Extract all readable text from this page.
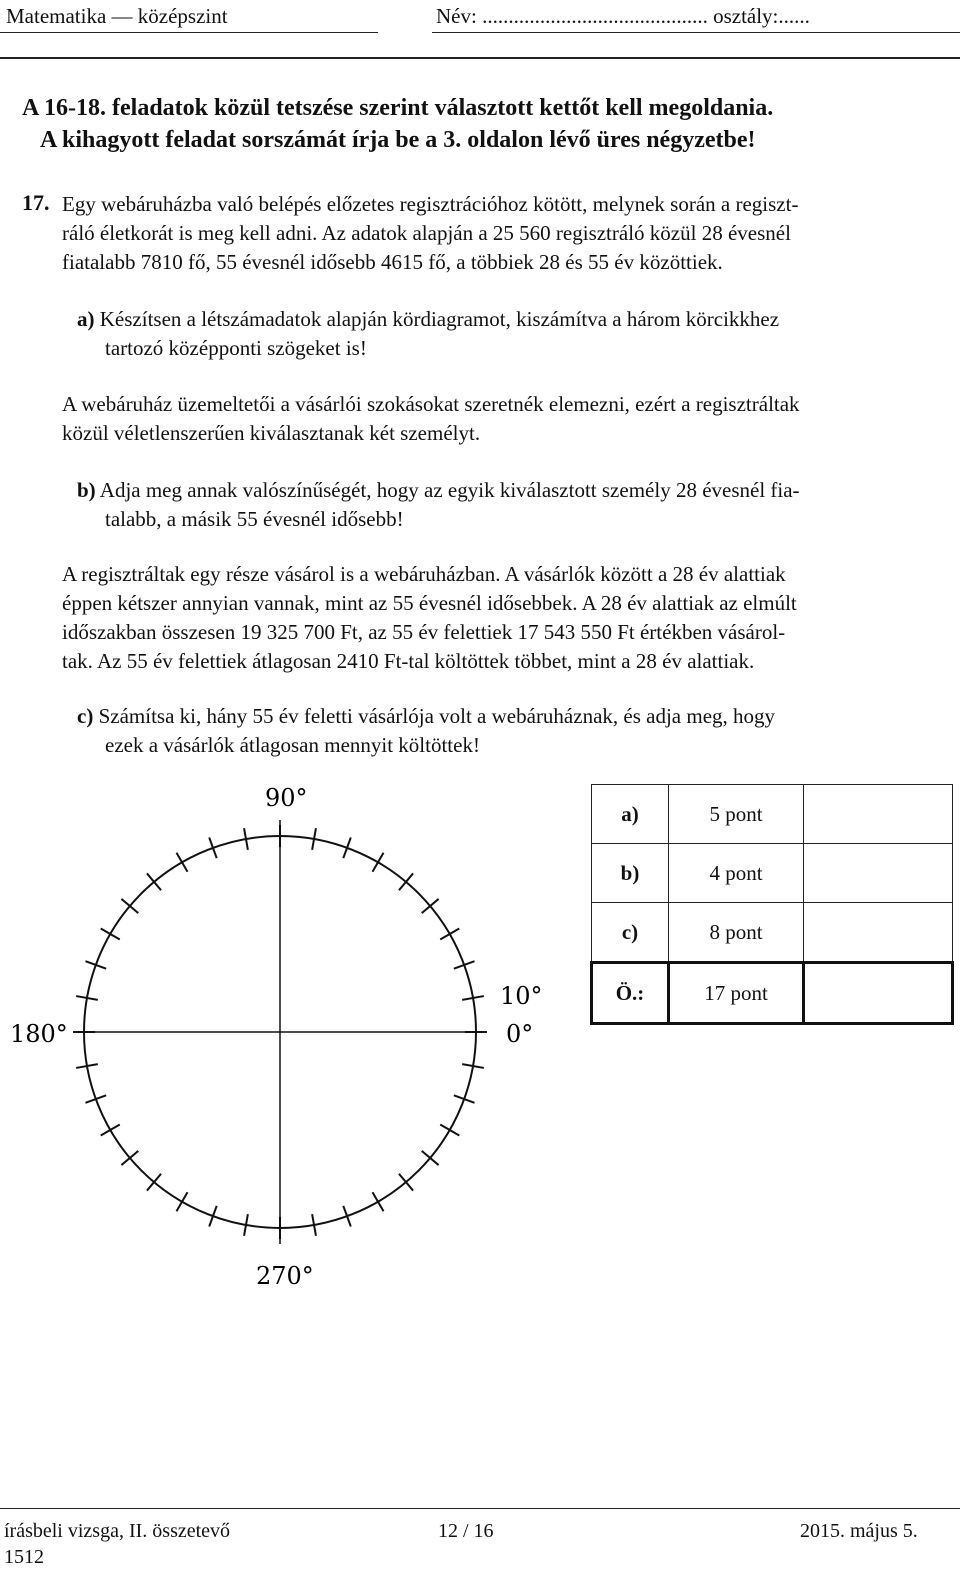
Matematika — középszint	Név: ........................................... osztály:......
A 16-18. feladatok közül tetszése szerint választott kettőt kell megoldania.
A kihagyott feladat sorszámát írja be a 3. oldalon lévő üres négyzetbe!
17. Egy webáruházba való belépés előzetes regisztrációhoz kötött, melynek során a regiszt-
ráló életkorát is meg kell adni. Az adatok alapján a 25 560 regisztráló közül 28 évesnél
fiatalabb 7810 fő, 55 évesnél idősebb 4615 fő, a többiek 28 és 55 év közöttiek.
a) Készítsen a létszámadatok alapján kördiagramot, kiszámítva a három körcikkhez
tartozó középponti szögeket is!
A webáruház üzemeltetői a vásárlói szokásokat szeretnék elemezni, ezért a regisztráltak
közül véletlenszerűen kiválasztanak két személyt.
b) Adja meg annak valószínűségét, hogy az egyik kiválasztott személy 28 évesnél fia-
talabb, a másik 55 évesnél idősebb!
A regisztráltak egy része vásárol is a webáruházban. A vásárlók között a 28 év alattiak
éppen kétszer annyian vannak, mint az 55 évesnél idősebbek. A 28 év alattiak az elmúlt
időszakban összesen 19 325 700 Ft, az 55 év felettiek 17 543 550 Ft értékben vásárol-
tak. Az 55 év felettiek átlagosan 2410 Ft-tal költöttek többet, mint a 28 év alattiak.
c) Számítsa ki, hány 55 év feletti vásárlója volt a webáruháznak, és adja meg, hogy
ezek a vásárlók átlagosan mennyit költöttek!
90°
180°
270°
10°
0°
a)	5 pont	
b)	4 pont	
c)	8 pont	
Ö.:	17 pont	
írásbeli vizsga, II. összetevő
1512
12 / 16	2015. május 5.
